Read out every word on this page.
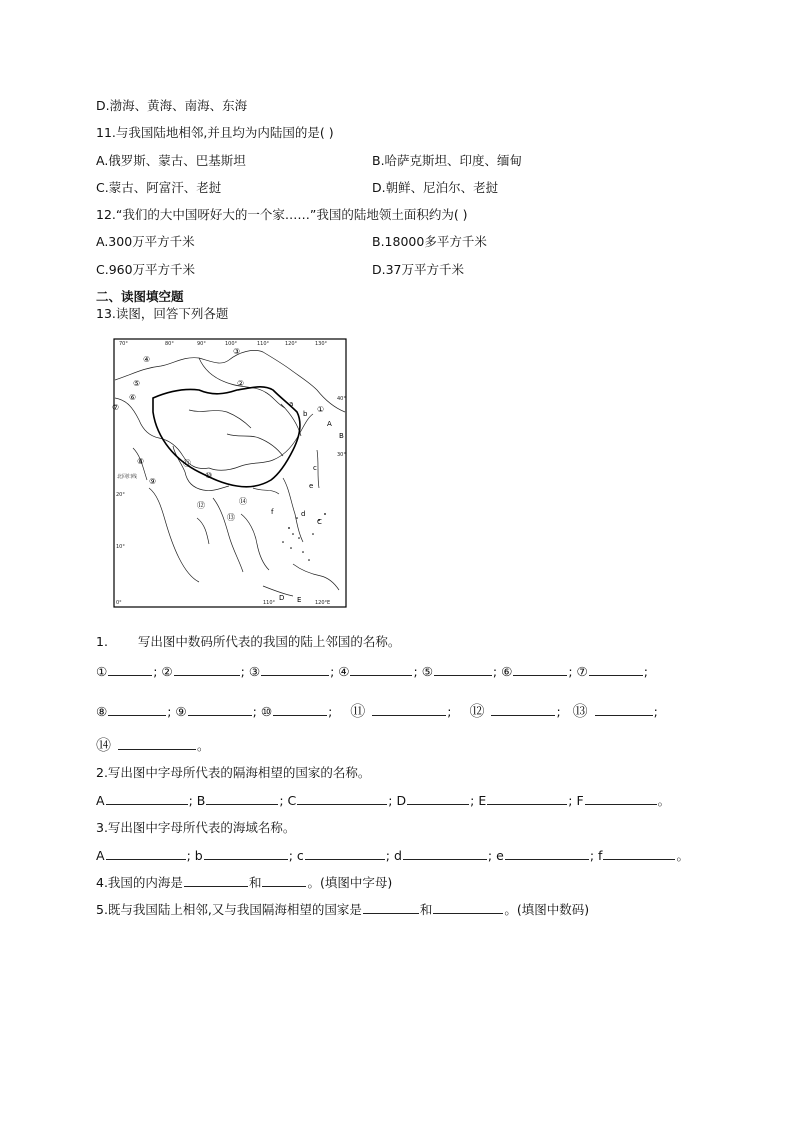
D.渤海、黄海、南海、东海
11.与我国陆地相邻,并且均为内陆国的是( )
A.俄罗斯、蒙古、巴基斯坦	B.哈萨克斯坦、印度、缅甸
C.蒙古、阿富汗、老挝	D.朝鲜、尼泊尔、老挝
12.“我们的大中国呀好大的一个家……”我国的陆地领土面积约为( )
A.300万平方千米	B.18000多平方千米
C.960万平方千米	D.37万平方千米
二、读图填空题
13.读图，回答下列各题
70°	80°	90°	100°	110°	120°	130°
40°
30°
20°
10°
0°	110°	120°E
北回归线
③
②
④
⑤
⑥
⑦
⑧
⑨
⑪
⑫
⑬
⑭
⑩
①
A
B
C
D E
a
b
c
d
e
f
1. 写出图中数码所代表的我国的陆上邻国的名称。
①	; ②	; ③	; ④	; ⑤	; ⑥	; ⑦	;
⑧	; ⑨	; ⑩	; ⑪	; ⑫	; ⑬	;
⑭	。
2.写出图中字母所代表的隔海相望的国家的名称。
A	; B	; C	; D	; E	; F	。
3.写出图中字母所代表的海域名称。
A	; b	; c	; d	; e	; f	。
4.我国的内海是	和	。(填图中字母)
5.既与我国陆上相邻,又与我国隔海相望的国家是	和	。(填图中数码)
